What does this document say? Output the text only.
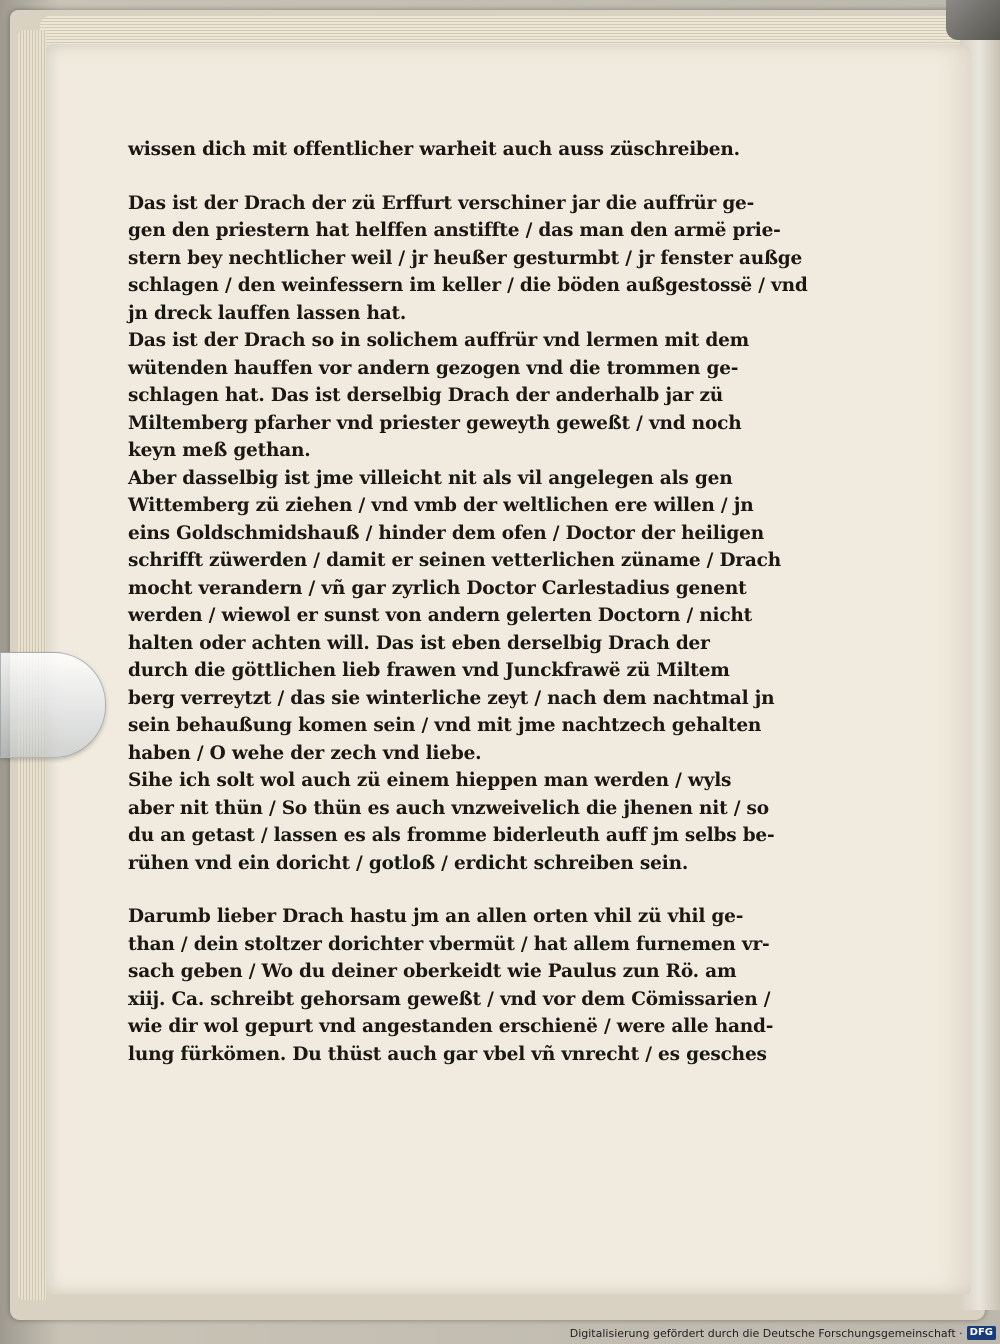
wissen dich mit offentlicher warheit auch auss züschreiben.
Das ist der Drach der zü Erffurt verschiner jar die auffrür ge-
gen den priestern hat helffen anstiffte / das man den armë prie-
stern bey nechtlicher weil / jr heußer gesturmbt / jr fenster außge
schlagen / den weinfessern im keller / die böden außgestossë / vnd
jn dreck lauffen lassen hat.
Das ist der Drach so in solichem auffrür vnd lermen mit dem
wütenden hauffen vor andern gezogen vnd die trommen ge-
schlagen hat. Das ist derselbig Drach der anderhalb jar zü
Miltemberg pfarher vnd priester geweyth geweßt / vnd noch
keyn meß gethan.
Aber dasselbig ist jme villeicht nit als vil angelegen als gen
Wittemberg zü ziehen / vnd vmb der weltlichen ere willen / jn
eins Goldschmidshauß / hinder dem ofen / Doctor der heiligen
schrifft züwerden / damit er seinen vetterlichen züname / Drach
mocht verandern / vñ gar zyrlich Doctor Carlestadius genent
werden / wiewol er sunst von andern gelerten Doctorn / nicht
halten oder achten will. Das ist eben derselbig Drach der
durch die göttlichen lieb frawen vnd Junckfrawë zü Miltem
berg verreytzt / das sie winterliche zeyt / nach dem nachtmal jn
sein behaußung komen sein / vnd mit jme nachtzech gehalten
haben / O wehe der zech vnd liebe.
Sihe ich solt wol auch zü einem hieppen man werden / wyls
aber nit thün / So thün es auch vnzweivelich die jhenen nit / so
du an getast / lassen es als fromme biderleuth auff jm selbs be-
rühen vnd ein doricht / gotloß / erdicht schreiben sein.
Darumb lieber Drach hastu jm an allen orten vhil zü vhil ge-
than / dein stoltzer dorichter vbermüt / hat allem furnemen vr-
sach geben / Wo du deiner oberkeidt wie Paulus zun Rö. am
xiij. Ca. schreibt gehorsam geweßt / vnd vor dem Cömissarien /
wie dir wol gepurt vnd angestanden erschienë / were alle hand-
lung fürkömen. Du thüst auch gar vbel vñ vnrecht / es gesches
Digitalisierung gefördert durch die Deutsche Forschungsgemeinschaft · DFG
